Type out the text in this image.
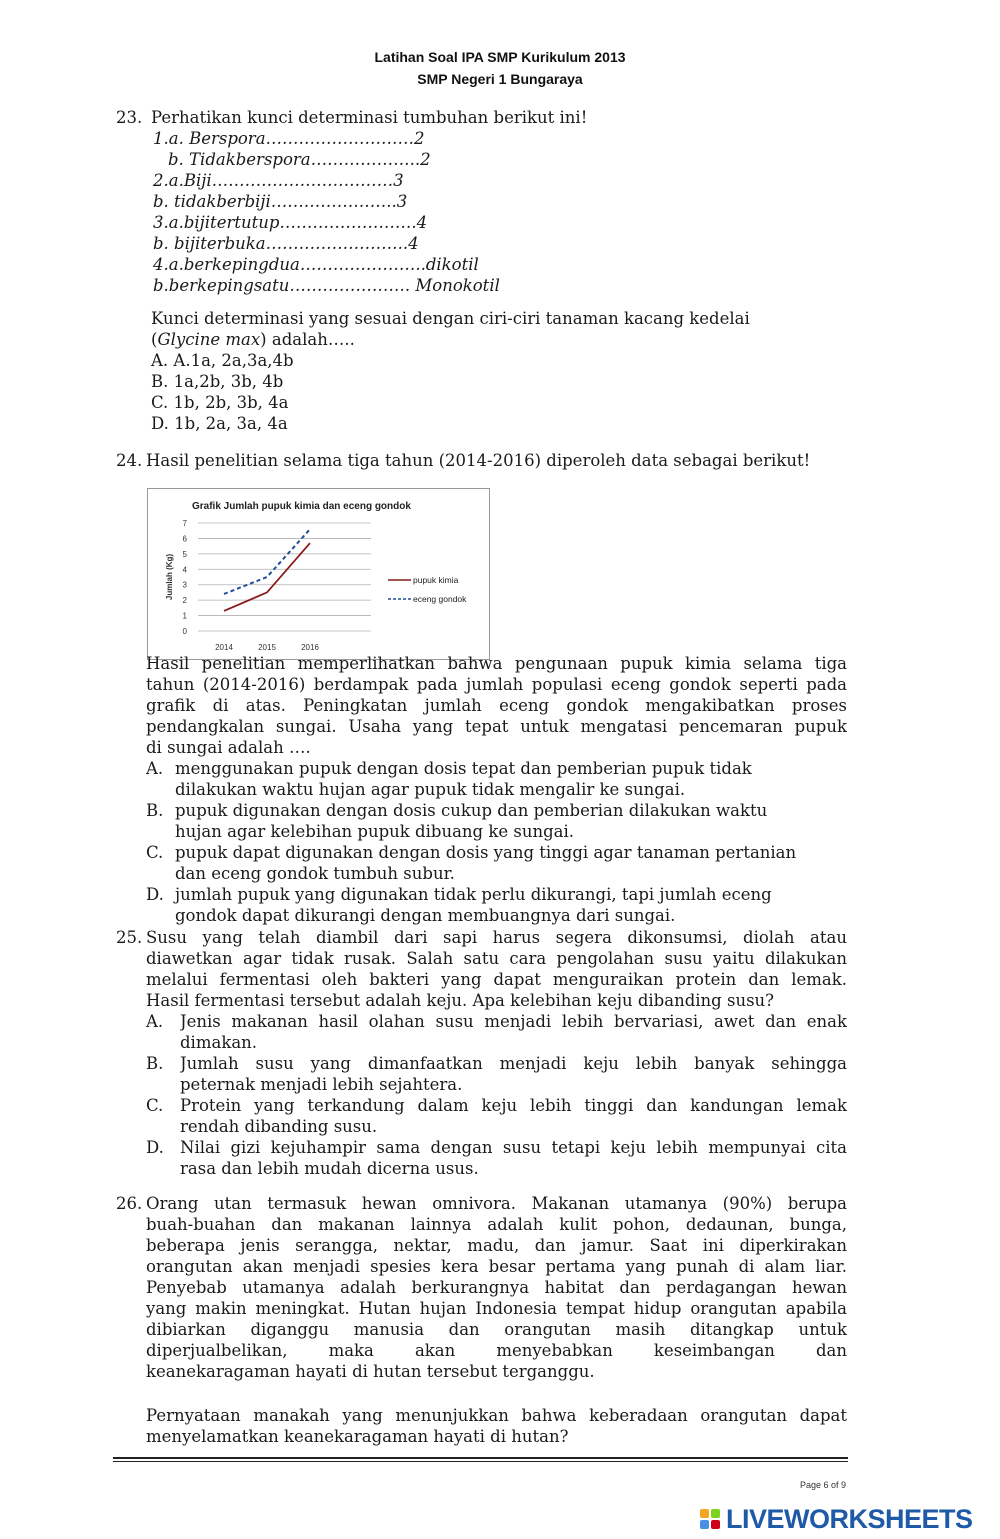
Latihan Soal IPA SMP Kurikulum 2013
SMP Negeri 1 Bungaraya
23. Perhatikan kunci determinasi tumbuhan berikut ini!
1.a. Berspora………………………2
b. Tidakberspora………………..2
2.a.Biji……………………………3
b. tidakberbiji…………………..3
3.a.bijitertutup…………………….4
b. bijiterbuka……………………..4
4.a.berkepingdua…………………..dikotil
b.berkepingsatu…………………. Monokotil
Kunci determinasi yang sesuai dengan ciri-ciri tanaman kacang kedelai
(Glycine max) adalah…..
A. A.1a, 2a,3a,4b
B. 1a,2b, 3b, 4b
C. 1b, 2b, 3b, 4a
D. 1b, 2a, 3a, 4a
24. Hasil penelitian selama tiga tahun (2014-2016) diperoleh data sebagai berikut!
Grafik Jumlah pupuk kimia dan eceng gondok
0
1
2
3
4
5
6
7
Jumlah (Kg)
2014	2015	2016
pupuk kimia
eceng gondok
Hasil penelitian memperlihatkan bahwa pengunaan pupuk kimia selama tiga
tahun (2014-2016) berdampak pada jumlah populasi eceng gondok seperti pada
grafik di atas. Peningkatan jumlah eceng gondok mengakibatkan proses
pendangkalan sungai. Usaha yang tepat untuk mengatasi pencemaran pupuk
di sungai adalah ….
A. menggunakan pupuk dengan dosis tepat dan pemberian pupuk tidak
dilakukan waktu hujan agar pupuk tidak mengalir ke sungai.
B. pupuk digunakan dengan dosis cukup dan pemberian dilakukan waktu
hujan agar kelebihan pupuk dibuang ke sungai.
C. pupuk dapat digunakan dengan dosis yang tinggi agar tanaman pertanian
dan eceng gondok tumbuh subur.
D. jumlah pupuk yang digunakan tidak perlu dikurangi, tapi jumlah eceng
gondok dapat dikurangi dengan membuangnya dari sungai.
25. Susu yang telah diambil dari sapi harus segera dikonsumsi, diolah atau
diawetkan agar tidak rusak. Salah satu cara pengolahan susu yaitu dilakukan
melalui fermentasi oleh bakteri yang dapat menguraikan protein dan lemak.
Hasil fermentasi tersebut adalah keju. Apa kelebihan keju dibanding susu?
A. Jenis makanan hasil olahan susu menjadi lebih bervariasi, awet dan enak
dimakan.
B. Jumlah susu yang dimanfaatkan menjadi keju lebih banyak sehingga
peternak menjadi lebih sejahtera.
C. Protein yang terkandung dalam keju lebih tinggi dan kandungan lemak
rendah dibanding susu.
D. Nilai gizi kejuhampir sama dengan susu tetapi keju lebih mempunyai cita
rasa dan lebih mudah dicerna usus.
26. Orang utan termasuk hewan omnivora. Makanan utamanya (90%) berupa
buah-buahan dan makanan lainnya adalah kulit pohon, dedaunan, bunga,
beberapa jenis serangga, nektar, madu, dan jamur. Saat ini diperkirakan
orangutan akan menjadi spesies kera besar pertama yang punah di alam liar.
Penyebab utamanya adalah berkurangnya habitat dan perdagangan hewan
yang makin meningkat. Hutan hujan Indonesia tempat hidup orangutan apabila
dibiarkan diganggu manusia dan orangutan masih ditangkap untuk
diperjualbelikan, maka akan menyebabkan keseimbangan dan
keanekaragaman hayati di hutan tersebut terganggu.
Pernyataan manakah yang menunjukkan bahwa keberadaan orangutan dapat
menyelamatkan keanekaragaman hayati di hutan?
Page 6 of 9
LIVEWORKSHEETS
